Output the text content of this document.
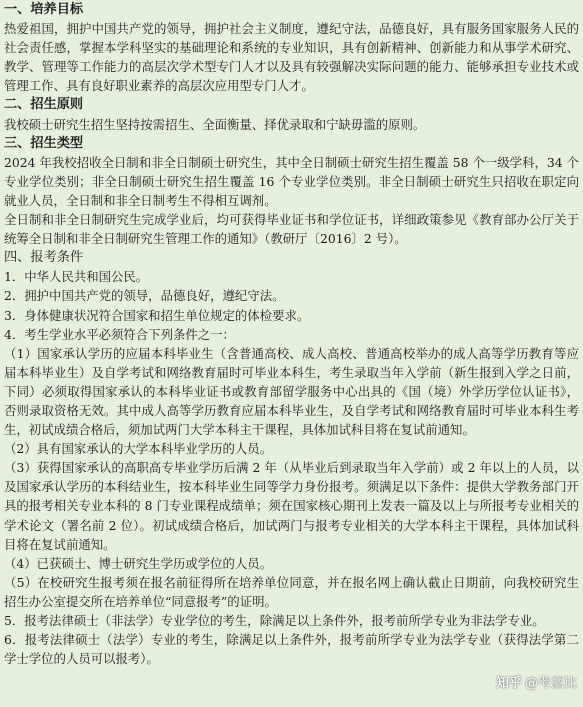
一、培养目标

热爱祖国，拥护中国共产党的领导，拥护社会主义制度，遵纪守法，品德良好，具有服务国家服务人民的社会责任感，掌握本学科坚实的基础理论和系统的专业知识，具有创新精神、创新能力和从事学术研究、教学、管理等工作能力的高层次学术型专门人才以及具有较强解决实际问题的能力、能够承担专业技术或管理工作、具有良好职业素养的高层次应用型专门人才。

二、招生原则

我校硕士研究生招生坚持按需招生、全面衡量、择优录取和宁缺毋滥的原则。

三、招生类型

2024 年我校招收全日制和非全日制硕士研究生，其中全日制硕士研究生招生覆盖 58 个一级学科，34 个专业学位类别；非全日制硕士研究生招生覆盖 16 个专业学位类别。非全日制硕士研究生只招收在职定向就业人员，全日制和非全日制考生不得相互调剂。

全日制和非全日制研究生完成学业后，均可获得毕业证书和学位证书，详细政策参见《教育部办公厅关于统筹全日制和非全日制研究生管理工作的通知》（教研厅〔2016〕2 号）。

四、报考条件

1．中华人民共和国公民。

2．拥护中国共产党的领导，品德良好，遵纪守法。

3．身体健康状况符合国家和招生单位规定的体检要求。

4．考生学业水平必须符合下列条件之一：

（1）国家承认学历的应届本科毕业生（含普通高校、成人高校、普通高校举办的成人高等学历教育等应届本科毕业生）及自学考试和网络教育届时可毕业本科生，考生录取当年入学前（新生报到入学之日前，下同）必须取得国家承认的本科毕业证书或教育部留学服务中心出具的《国（境）外学历学位认证书》，否则录取资格无效。其中成人高等学历教育应届本科毕业生，及自学考试和网络教育届时可毕业本科生考生，初试成绩合格后，须加试两门大学本科主干课程，具体加试科目将在复试前通知。

（2）具有国家承认的大学本科毕业学历的人员。

（3）获得国家承认的高职高专毕业学历后满 2 年（从毕业后到录取当年入学前）或 2 年以上的人员，以及国家承认学历的本科结业生，按本科毕业生同等学力身份报考。须满足以下条件：提供大学教务部门开具的报考相关专业本科的 8 门专业课程成绩单；须在国家核心期刊上发表一篇及以上与所报考专业相关的学术论文（署名前 2 位）。初试成绩合格后，加试两门与报考专业相关的大学本科主干课程，具体加试科目将在复试前通知。

（4）已获硕士、博士研究生学历或学位的人员。

（5）在校研究生报考须在报名前征得所在培养单位同意，并在报名网上确认截止日期前，向我校研究生招生办公室提交所在培养单位“同意报考”的证明。

5．报考法律硕士（非法学）专业学位的考生，除满足以上条件外，报考前所学专业为非法学专业。

6．报考法律硕士（法学）专业的考生，除满足以上条件外，报考前所学专业为法学专业（获得法学第二学士学位的人员可以报考）。

知乎 @考兹比
